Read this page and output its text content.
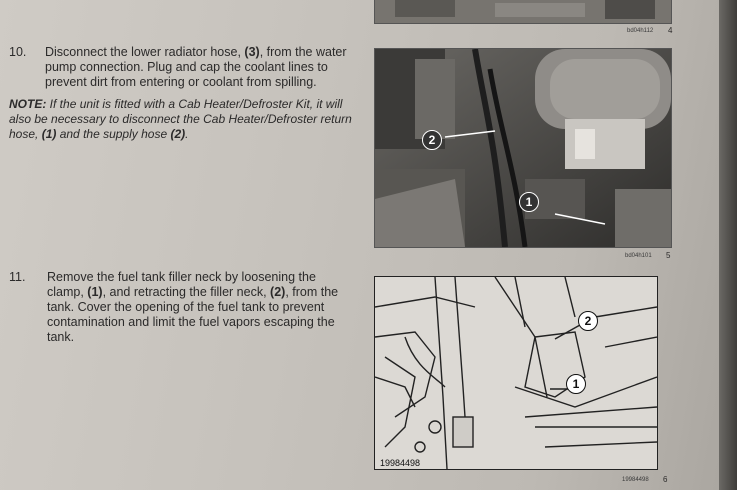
bd04h112 4
10. Disconnect the lower radiator hose, (3), from the water pump connection. Plug and cap the coolant lines to prevent dirt from entering or coolant from spilling.
NOTE: If the unit is fitted with a Cab Heater/Defroster Kit, it will also be necessary to disconnect the Cab Heater/Defroster return hose, (1) and the supply hose (2).	2
1
bd04h101 5
11. Remove the fuel tank filler neck by loosening the clamp, (1), and retracting the filler neck, (2), from the tank. Cover the opening of the fuel tank to prevent contamination and limit the fuel vapors escaping the tank.
2
1
19984498
19984498 6
